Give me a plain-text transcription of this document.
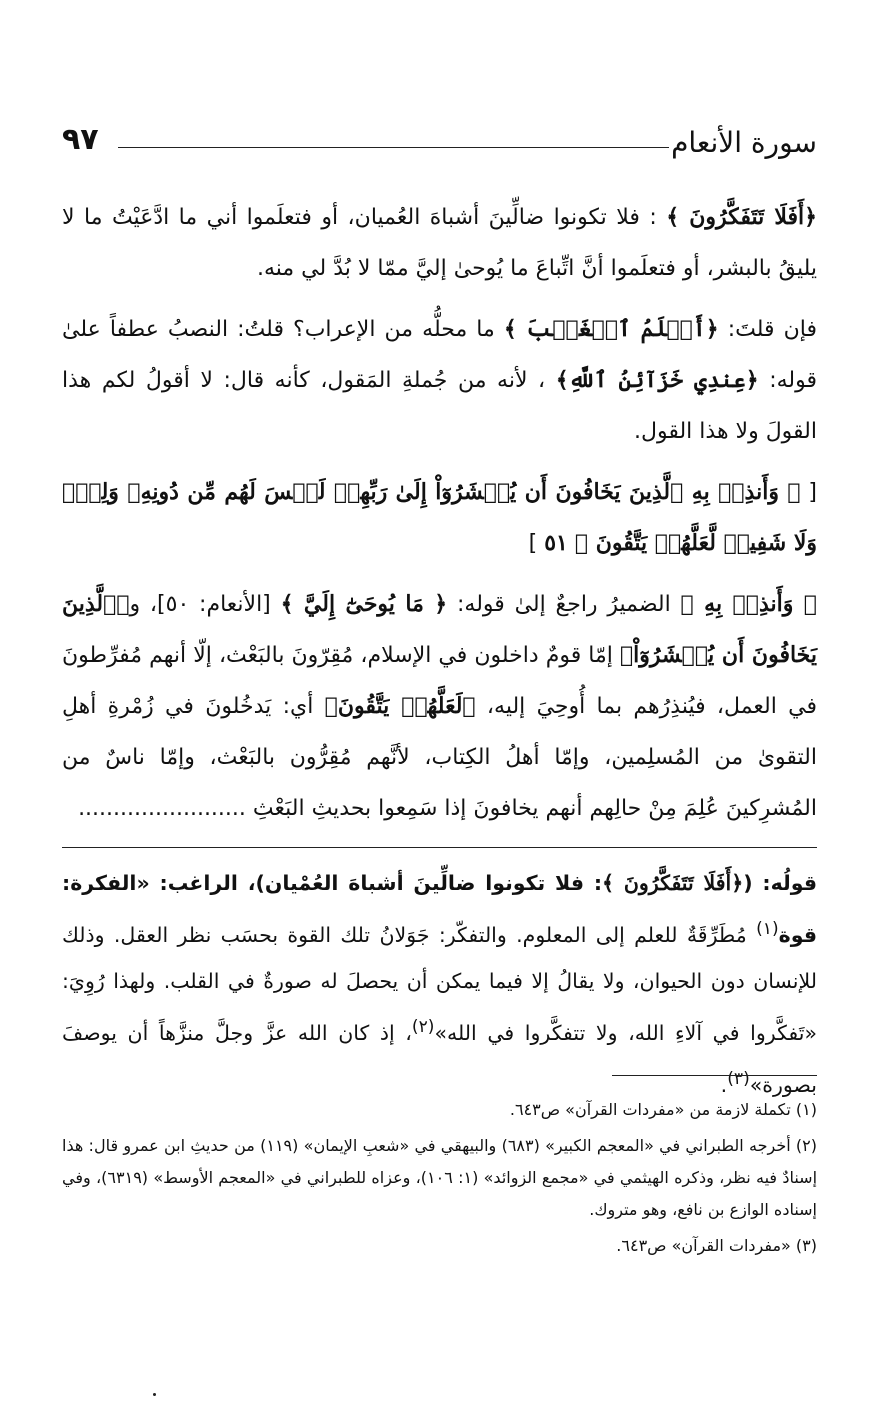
سورة الأنعام
٩٧

﴿أَفَلَا تَتَفَكَّرُونَ ﴾ : فلا تكونوا ضالِّينَ أشباهَ العُميان، أو فتعلَموا أني ما ادَّعَيْتُ ما لا يليقُ بالبشر، أو فتعلَموا أنَّ اتِّباعَ ما يُوحىٰ إليَّ ممّا لا بُدَّ لي منه.

فإن قلتَ: ﴿أَعۡلَمُ ٱلۡغَيۡبَ ﴾ ما محلُّه من الإعراب؟ قلتُ: النصبُ عطفاً علىٰ قوله: ﴿عِندِي خَزَآئِنُ ٱللَّهِ﴾ ، لأنه من جُملةِ المَقول، كأنه قال: لا أقولُ لكم هذا القولَ ولا هذا القول.

[ ﴿ وَأَنذِرۡ بِهِ ٱلَّذِينَ يَخَافُونَ أَن يُحۡشَرُوٓاْ إِلَىٰ رَبِّهِمۡ لَيۡسَ لَهُم مِّن دُونِهِۦ وَلِيّٞ وَلَا شَفِيعٞ لَّعَلَّهُمۡ يَتَّقُونَ ﴾ ٥١ ]

﴿ وَأَنذِرۡ بِهِ ﴾ الضميرُ راجعٌ إلىٰ قوله: ﴿ مَا يُوحَىٰٓ إِلَيَّ ﴾ [الأنعام: ٥٠]، و﴿ٱلَّذِينَ يَخَافُونَ أَن يُحۡشَرُوٓاْ﴾ إمّا قومٌ داخلون في الإسلام، مُقِرّونَ بالبَعْث، إلّا أنهم مُفرِّطونَ في العمل، فيُنذِرُهم بما أُوحِيَ إليه، ﴿لَعَلَّهُمۡ يَتَّقُونَ﴾ أي: يَدخُلونَ في زُمْرةِ أهلِ التقوىٰ من المُسلِمين، وإمّا أهلُ الكِتاب، لأنَّهم مُقِرُّون بالبَعْث، وإمّا ناسٌ من المُشرِكينَ عُلِمَ مِنْ حالِهم أنهم يخافونَ إذا سَمِعوا بحديثِ البَعْثِ ........................

قولُه: (﴿أَفَلَا تَتَفَكَّرُونَ ﴾: فلا تكونوا ضالِّينَ أشباهَ العُمْيان)، الراغب: «الفكرة: قوة$^{(١)}$ مُطَرِّقَةٌ للعلم إلى المعلوم. والتفكّر: جَوَلانُ تلك القوة بحسَب نظر العقل. وذلك للإنسان دون الحيوان، ولا يقالُ إلا فيما يمكن أن يحصلَ له صورةٌ في القلب. ولهذا رُوِيَ: «تَفكَّروا في آلاءِ الله، ولا تتفكَّروا في الله»$^{(٢)}$، إذ كان الله عزَّ وجلَّ منزَّهاً أن يوصفَ بصورة»$^{(٣)}$.

(١) تكملة لازمة من «مفردات القرآن» ص٦٤٣.

(٢) أخرجه الطبراني في «المعجم الكبير» (٦٨٣) والبيهقي في «شعبِ الإيمان» (١١٩) من حديثِ ابن عمرو قال: هذا إسنادٌ فيه نظر، وذكره الهيثمي في «مجمع الزوائد» (١: ١٠٦)، وعزاه للطبراني في «المعجم الأوسط» (٦٣١٩)، وفي إسناده الوازع بن نافع، وهو متروك.

(٣) «مفردات القرآن» ص٦٤٣.
